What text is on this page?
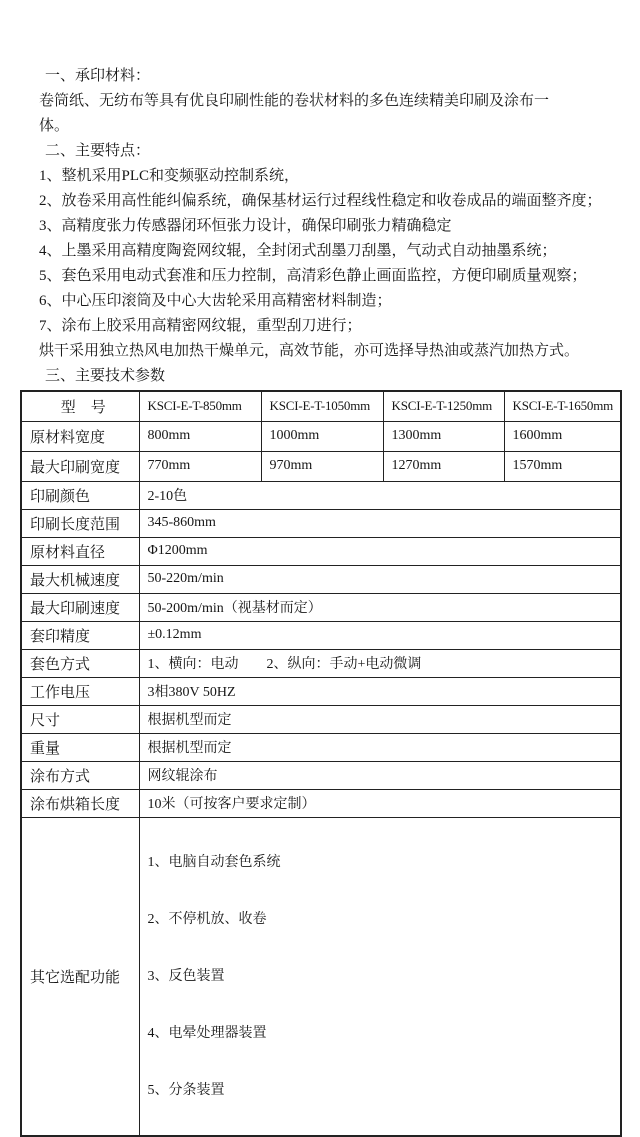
一、承印材料：
卷筒纸、无纺布等具有优良印刷性能的卷状材料的多色连续精美印刷及涂布一
体。
二、主要特点：
1、整机采用PLC和变频驱动控制系统，
2、放卷采用高性能纠偏系统，确保基材运行过程线性稳定和收卷成品的端面整齐度；
3、高精度张力传感器闭环恒张力设计，确保印刷张力精确稳定
4、上墨采用高精度陶瓷网纹辊，全封闭式刮墨刀刮墨，气动式自动抽墨系统；
5、套色采用电动式套准和压力控制，高清彩色静止画面监控，方便印刷质量观察；
6、中心压印滚筒及中心大齿轮采用高精密材料制造；
7、涂布上胶采用高精密网纹辊，重型刮刀进行；
烘干采用独立热风电加热干燥单元，高效节能，亦可选择导热油或蒸汽加热方式。
三、主要技术参数
型　号	KSCI-E-T-850mm	KSCI-E-T-1050mm	KSCI-E-T-1250mm	KSCI-E-T-1650mm
原材料宽度	800mm	1000mm	1300mm	1600mm
最大印刷宽度	770mm	970mm	1270mm	1570mm
印刷颜色	2-10色			
印刷长度范围	345-860mm			
原材料直径	Φ1200mm			
最大机械速度	50-220m/min			
最大印刷速度	50-200m/min（视基材而定）			
套印精度	±0.12mm			
套色方式	1、横向：电动　　2、纵向：手动+电动微调			
工作电压	3相380V 50HZ			
尺寸	根据机型而定			
重量	根据机型而定			
涂布方式	网纹辊涂布			
涂布烘箱长度	10米（可按客户要求定制）			
其它选配功能	1、电脑自动套色系统

2、不停机放、收卷

3、反色装置

4、电晕处理器装置

5、分条装置			
